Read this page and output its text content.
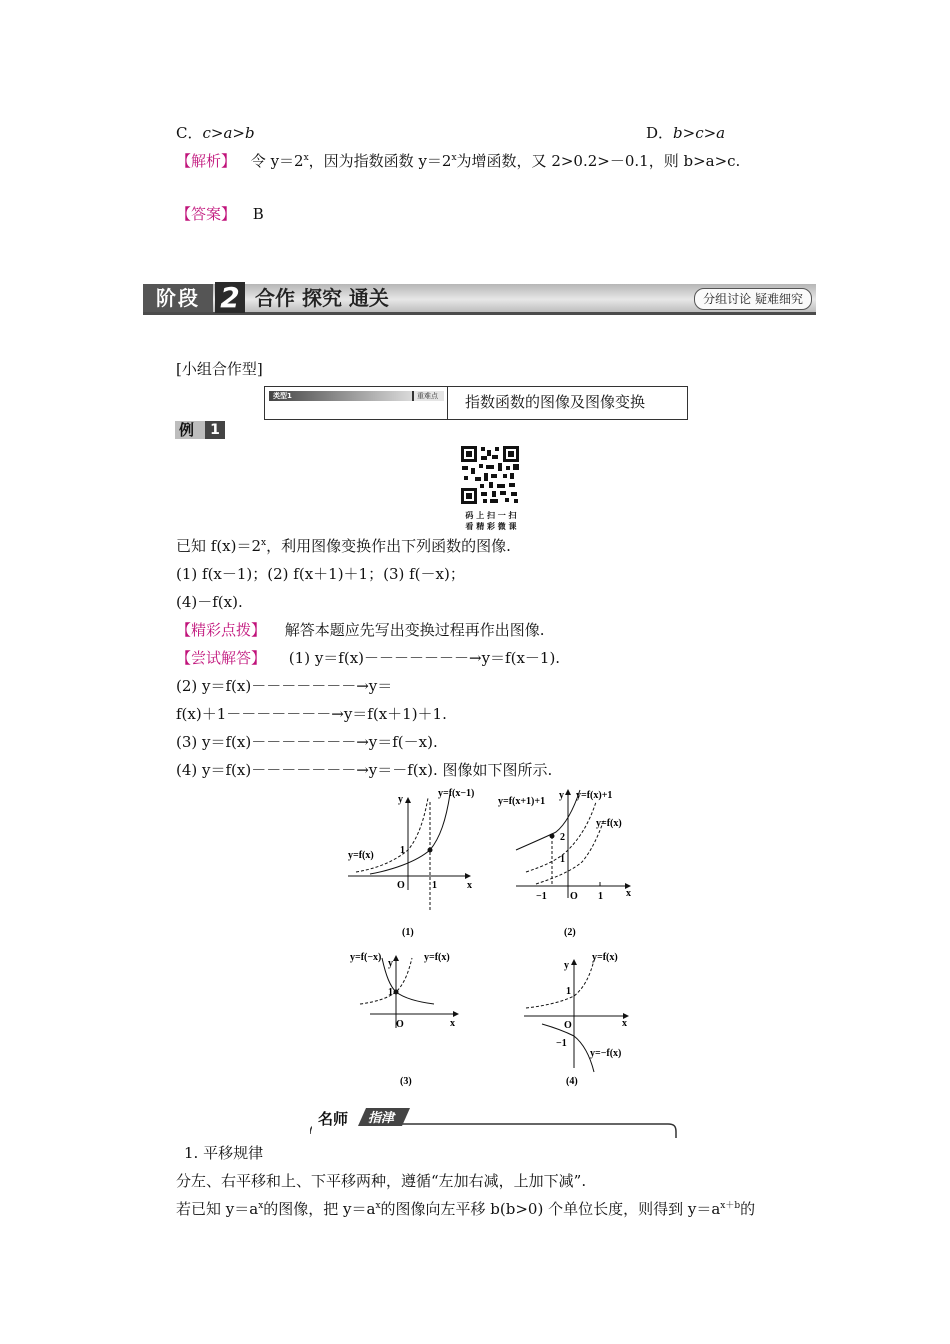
C．c>a>b	D．b>c>a
【解析】 令 $y=2^x$，因为指数函数 $y=2^x$为增函数，又 2>0.2>－0.1，则 b>a>c.
【答案】 B
阶段 2 合作 探究 通关	分组讨论 疑难细究
[小组合作型]
类型1	重难点 指数函数的图像及图像变换
例	1
码 上 扫 一 扫
看 精 彩 微 课
已知 $f(x)=2^x$，利用图像变换作出下列函数的图像.
(1) f(x－1)；(2) f(x＋1)＋1；(3) f(－x)；
(4)－f(x).
【精彩点拨】 解答本题应先写出变换过程再作出图像.
【尝试解答】 (1) y＝f(x)－－－－－－－→y＝f(x－1).
(2) y＝f(x)－－－－－－－→y＝
f(x)＋1－－－－－－－→y＝f(x＋1)＋1.
(3) y＝f(x)－－－－－－－→y＝f(－x).
(4) y＝f(x)－－－－－－－→y＝－f(x). 图像如下图所示.
y
x
O
1
1
y=f(x)
y=f(x−1)
(1)
y
x
O
2
1
−1	1
y=f(x+1)+1
y=f(x)+1
y=f(x)
(2)
y
x
O
1
y=f(−x)	y=f(x)
(3)
y
x
O
1
−1
y=f(x)
y=−f(x)
(4)
名师 指津
1. 平移规律
分左、右平移和上、下平移两种，遵循“左加右减，上加下减”.
若已知 $y=a^x$的图像，把 $y=a^x$的图像向左平移 b(b>0) 个单位长度，则得到 $y=a^{x+b}$的
